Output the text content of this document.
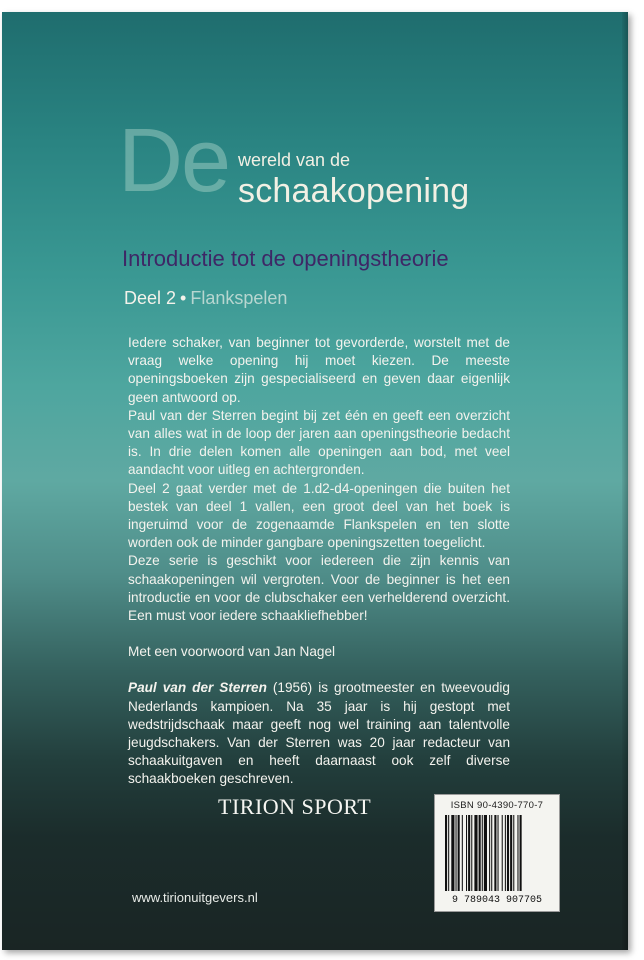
De wereld van de
schaakopening
Introductie tot de openingstheorie
Deel 2 • Flankspelen

Iedere schaker, van beginner tot gevorderde, worstelt met de vraag welke opening hij moet kiezen. De meeste openingsboeken zijn gespecialiseerd en geven daar eigenlijk geen antwoord op.

Paul van der Sterren begint bij zet één en geeft een overzicht van alles wat in de loop der jaren aan openingstheorie bedacht is. In drie delen komen alle openingen aan bod, met veel aandacht voor uitleg en achtergronden.

Deel 2 gaat verder met de 1.d2-d4-openingen die buiten het bestek van deel 1 vallen, een groot deel van het boek is ingeruimd voor de zogenaamde Flankspelen en ten slotte worden ook de minder gangbare openingszetten toegelicht.

Deze serie is geschikt voor iedereen die zijn kennis van schaakopeningen wil vergroten. Voor de beginner is het een introductie en voor de clubschaker een verhelderend overzicht. Een must voor iedere schaakliefhebber!

Met een voorwoord van Jan Nagel

Paul van der Sterren (1956) is grootmeester en tweevoudig Nederlands kampioen. Na 35 jaar is hij gestopt met wedstrijdschaak maar geeft nog wel training aan talentvolle jeugdschakers. Van der Sterren was 20 jaar redacteur van schaakuitgaven en heeft daarnaast ook zelf diverse schaakboeken geschreven.

TIRION SPORT
www.tirionuitgevers.nl
ISBN 90-4390-770-7
9 789043 907705
